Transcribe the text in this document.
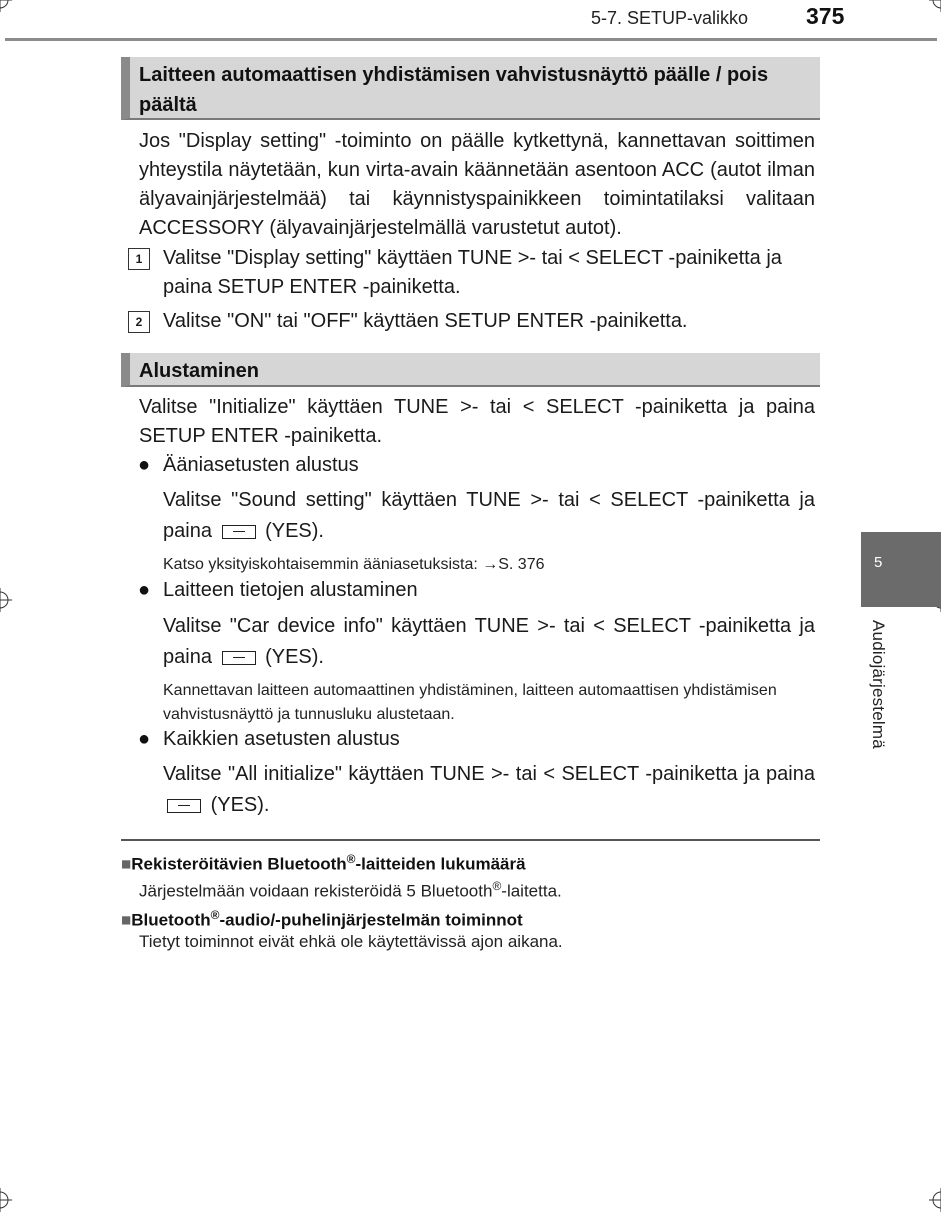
5-7. SETUP-valikko	375
Laitteen automaattisen yhdistämisen vahvistusnäyttö päälle / pois päältä
Jos "Display setting" -toiminto on päälle kytkettynä, kannettavan soittimen yhteystila näytetään, kun virta-avain käännetään asentoon ACC (autot ilman älyavainjärjestelmää) tai käynnistyspainikkeen toimintatilaksi valitaan ACCESSORY (älyavainjärjestelmällä varustetut autot).
1	Valitse "Display setting" käyttäen TUNE >- tai < SELECT -painiketta ja paina SETUP ENTER -painiketta.
2	Valitse "ON" tai "OFF" käyttäen SETUP ENTER -painiketta.
Alustaminen
Valitse "Initialize" käyttäen TUNE >- tai < SELECT -painiketta ja paina SETUP ENTER -painiketta.
● Ääniasetusten alustus
Valitse "Sound setting" käyttäen TUNE >- tai < SELECT -painiketta ja paina	(YES).
Katso yksityiskohtaisemmin ääniasetuksista: →S. 376
● Laitteen tietojen alustaminen
Valitse "Car device info" käyttäen TUNE >- tai < SELECT -painiketta ja paina	(YES).
Kannettavan laitteen automaattinen yhdistäminen, laitteen automaattisen yhdistämisen vahvistusnäyttö ja tunnusluku alustetaan.
● Kaikkien asetusten alustus
Valitse "All initialize" käyttäen TUNE >- tai < SELECT -painiketta ja paina  (YES).
5
Audiojärjestelmä
■Rekisteröitävien Bluetooth®-laitteiden lukumäärä
Järjestelmään voidaan rekisteröidä 5 Bluetooth®-laitetta.
■Bluetooth®-audio/-puhelinjärjestelmän toiminnot
Tietyt toiminnot eivät ehkä ole käytettävissä ajon aikana.
